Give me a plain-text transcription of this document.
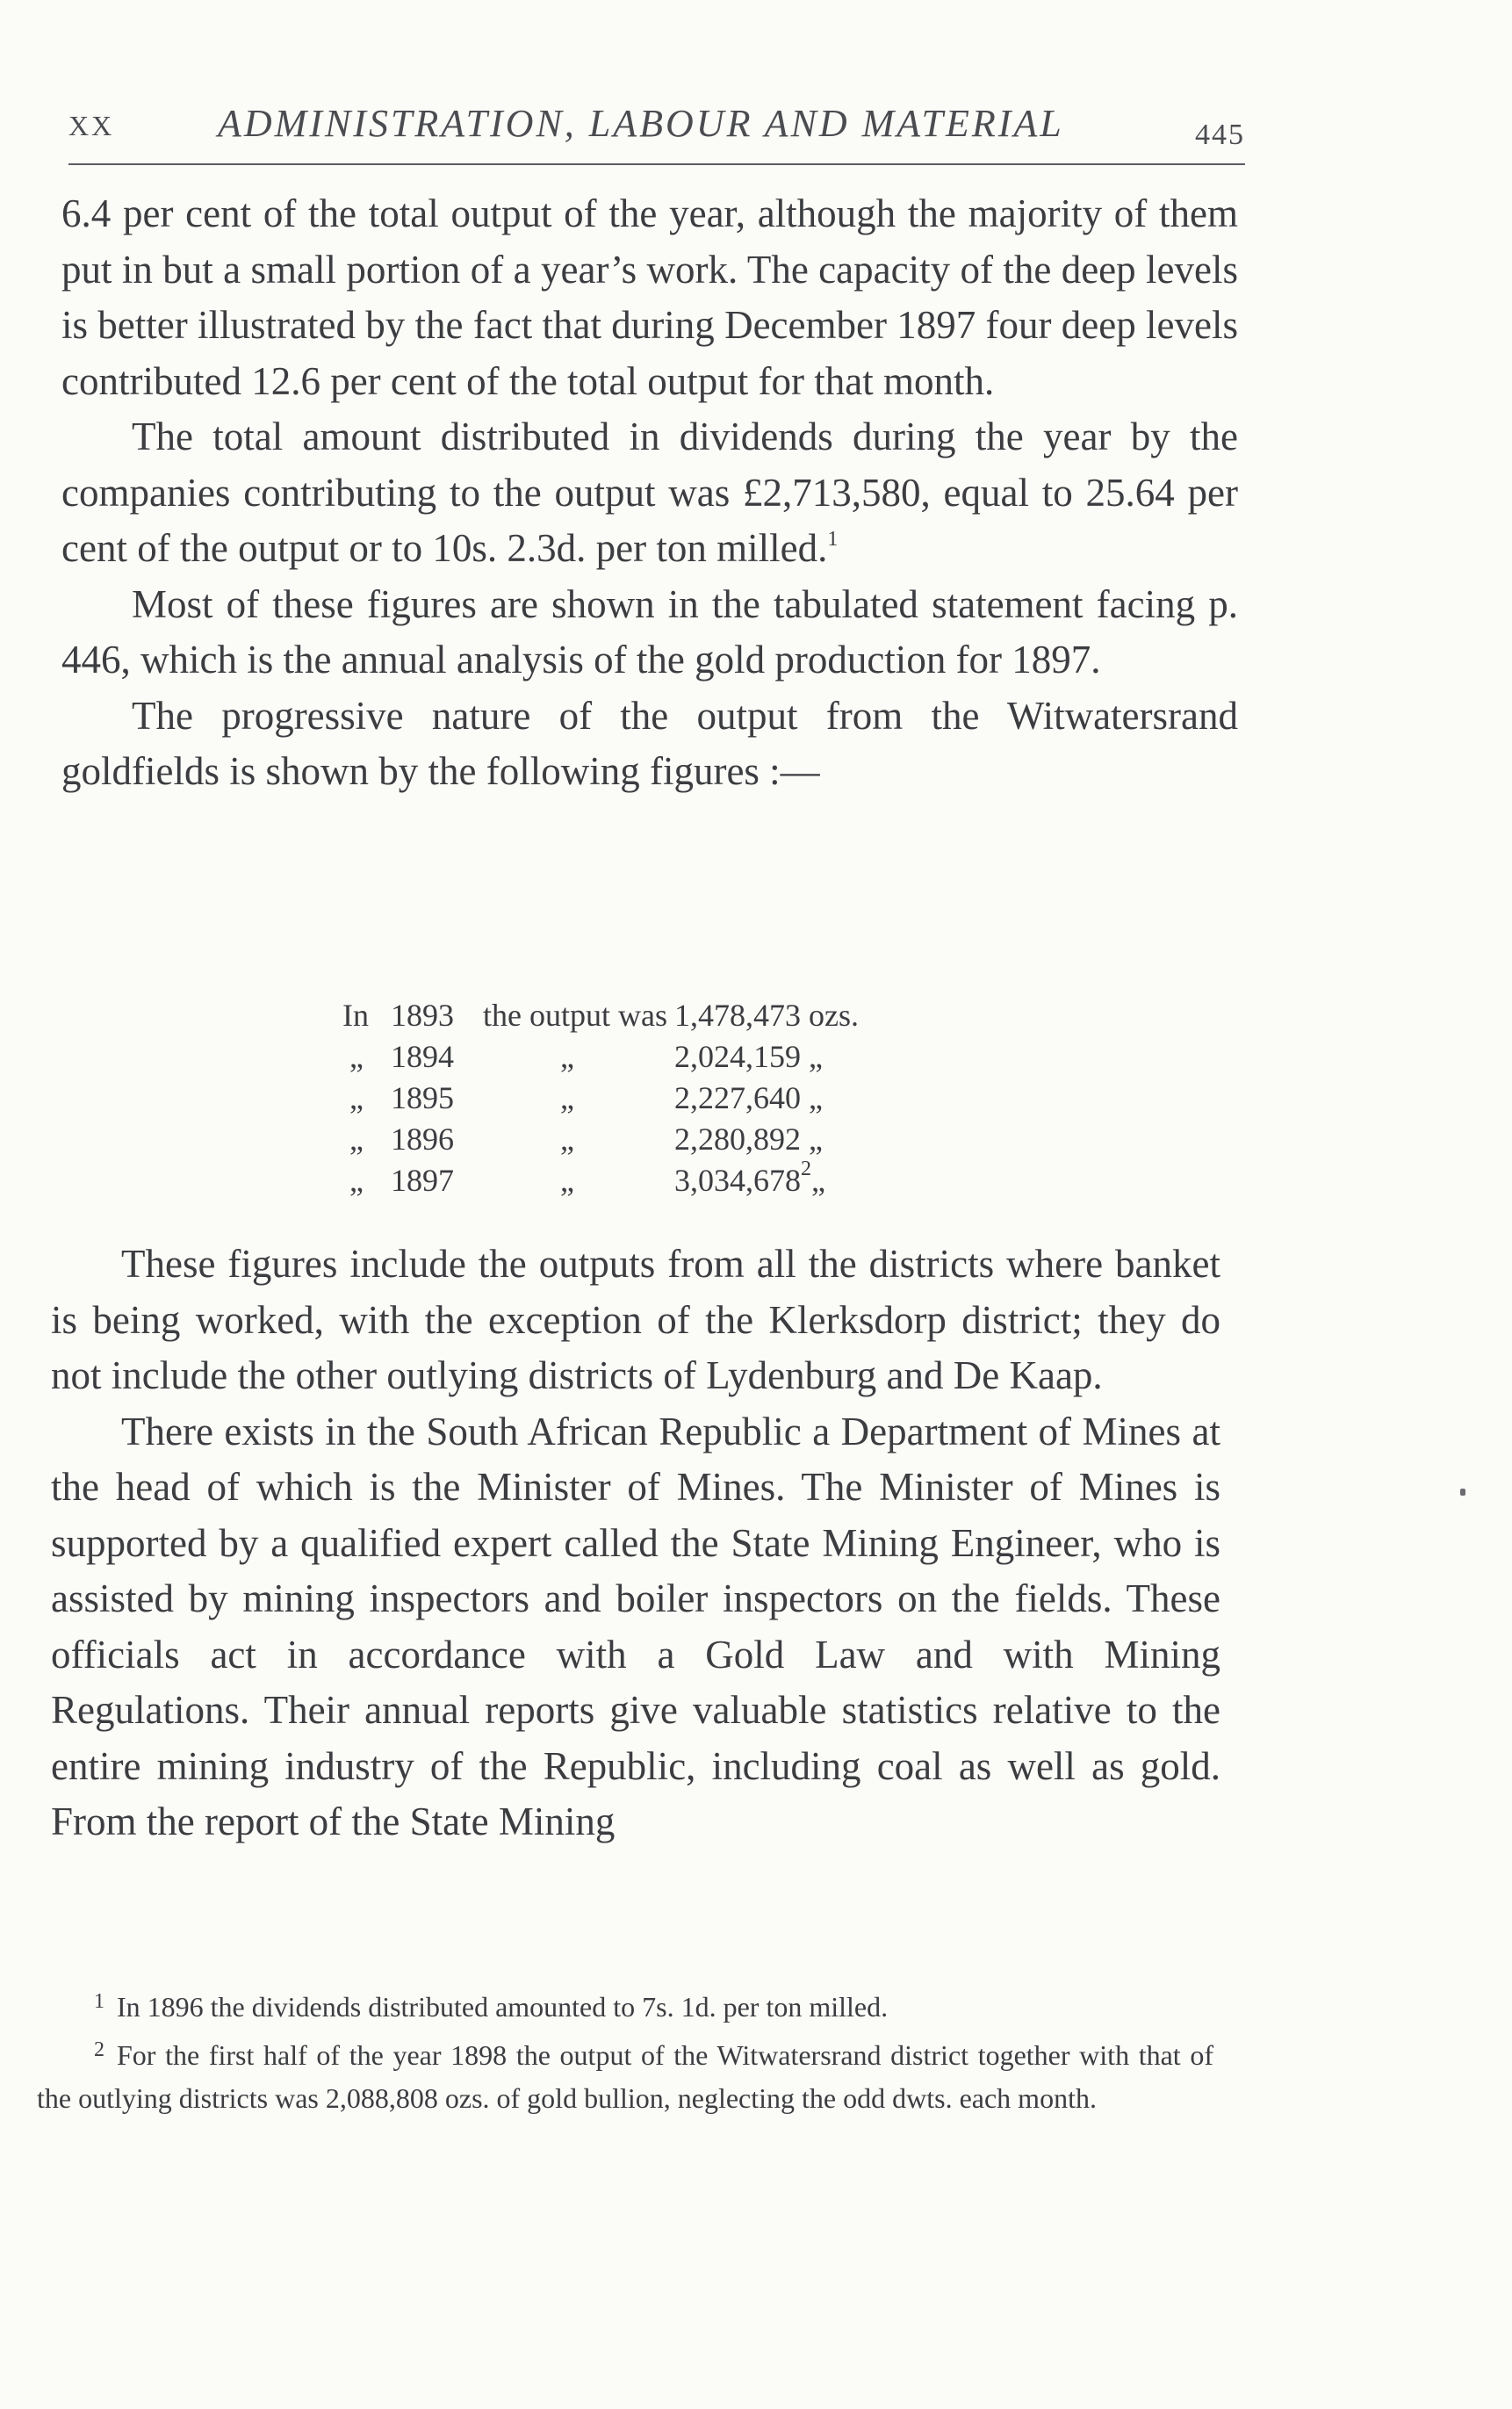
XX	ADMINISTRATION, LABOUR AND MATERIAL	445

6.4 per cent of the total output of the year, although the majority of them put in but a small portion of a year’s work. The capacity of the deep levels is better illustrated by the fact that during December 1897 four deep levels contributed 12.6 per cent of the total output for that month.

The total amount distributed in dividends during the year by the companies contributing to the output was £2,713,580, equal to 25.64 per cent of the output or to 10s. 2.3d. per ton milled.$^1$

Most of these figures are shown in the tabulated statement facing p. 446, which is the annual analysis of the gold production for 1897.

The progressive nature of the output from the Witwatersrand goldfields is shown by the following figures :—

In 1893 the output was 1,478,473 ozs.
„ 1894	„	2,024,159 „
„ 1895	„	2,227,640 „
„ 1896	„	2,280,892 „
„ 1897	„	3,034,678$^2$„

These figures include the outputs from all the districts where banket is being worked, with the exception of the Klerksdorp district; they do not include the other outlying districts of Lydenburg and De Kaap.

There exists in the South African Republic a Department of Mines at the head of which is the Minister of Mines. The Minister of Mines is supported by a qualified expert called the State Mining Engineer, who is assisted by mining inspectors and boiler inspectors on the fields. These officials act in accordance with a Gold Law and with Mining Regulations. Their annual reports give valuable statistics relative to the entire mining industry of the Republic, including coal as well as gold. From the report of the State Mining

$^1$ In 1896 the dividends distributed amounted to 7s. 1d. per ton milled.

$^2$ For the first half of the year 1898 the output of the Witwatersrand district together with that of the outlying districts was 2,088,808 ozs. of gold bullion, neglecting the odd dwts. each month.
